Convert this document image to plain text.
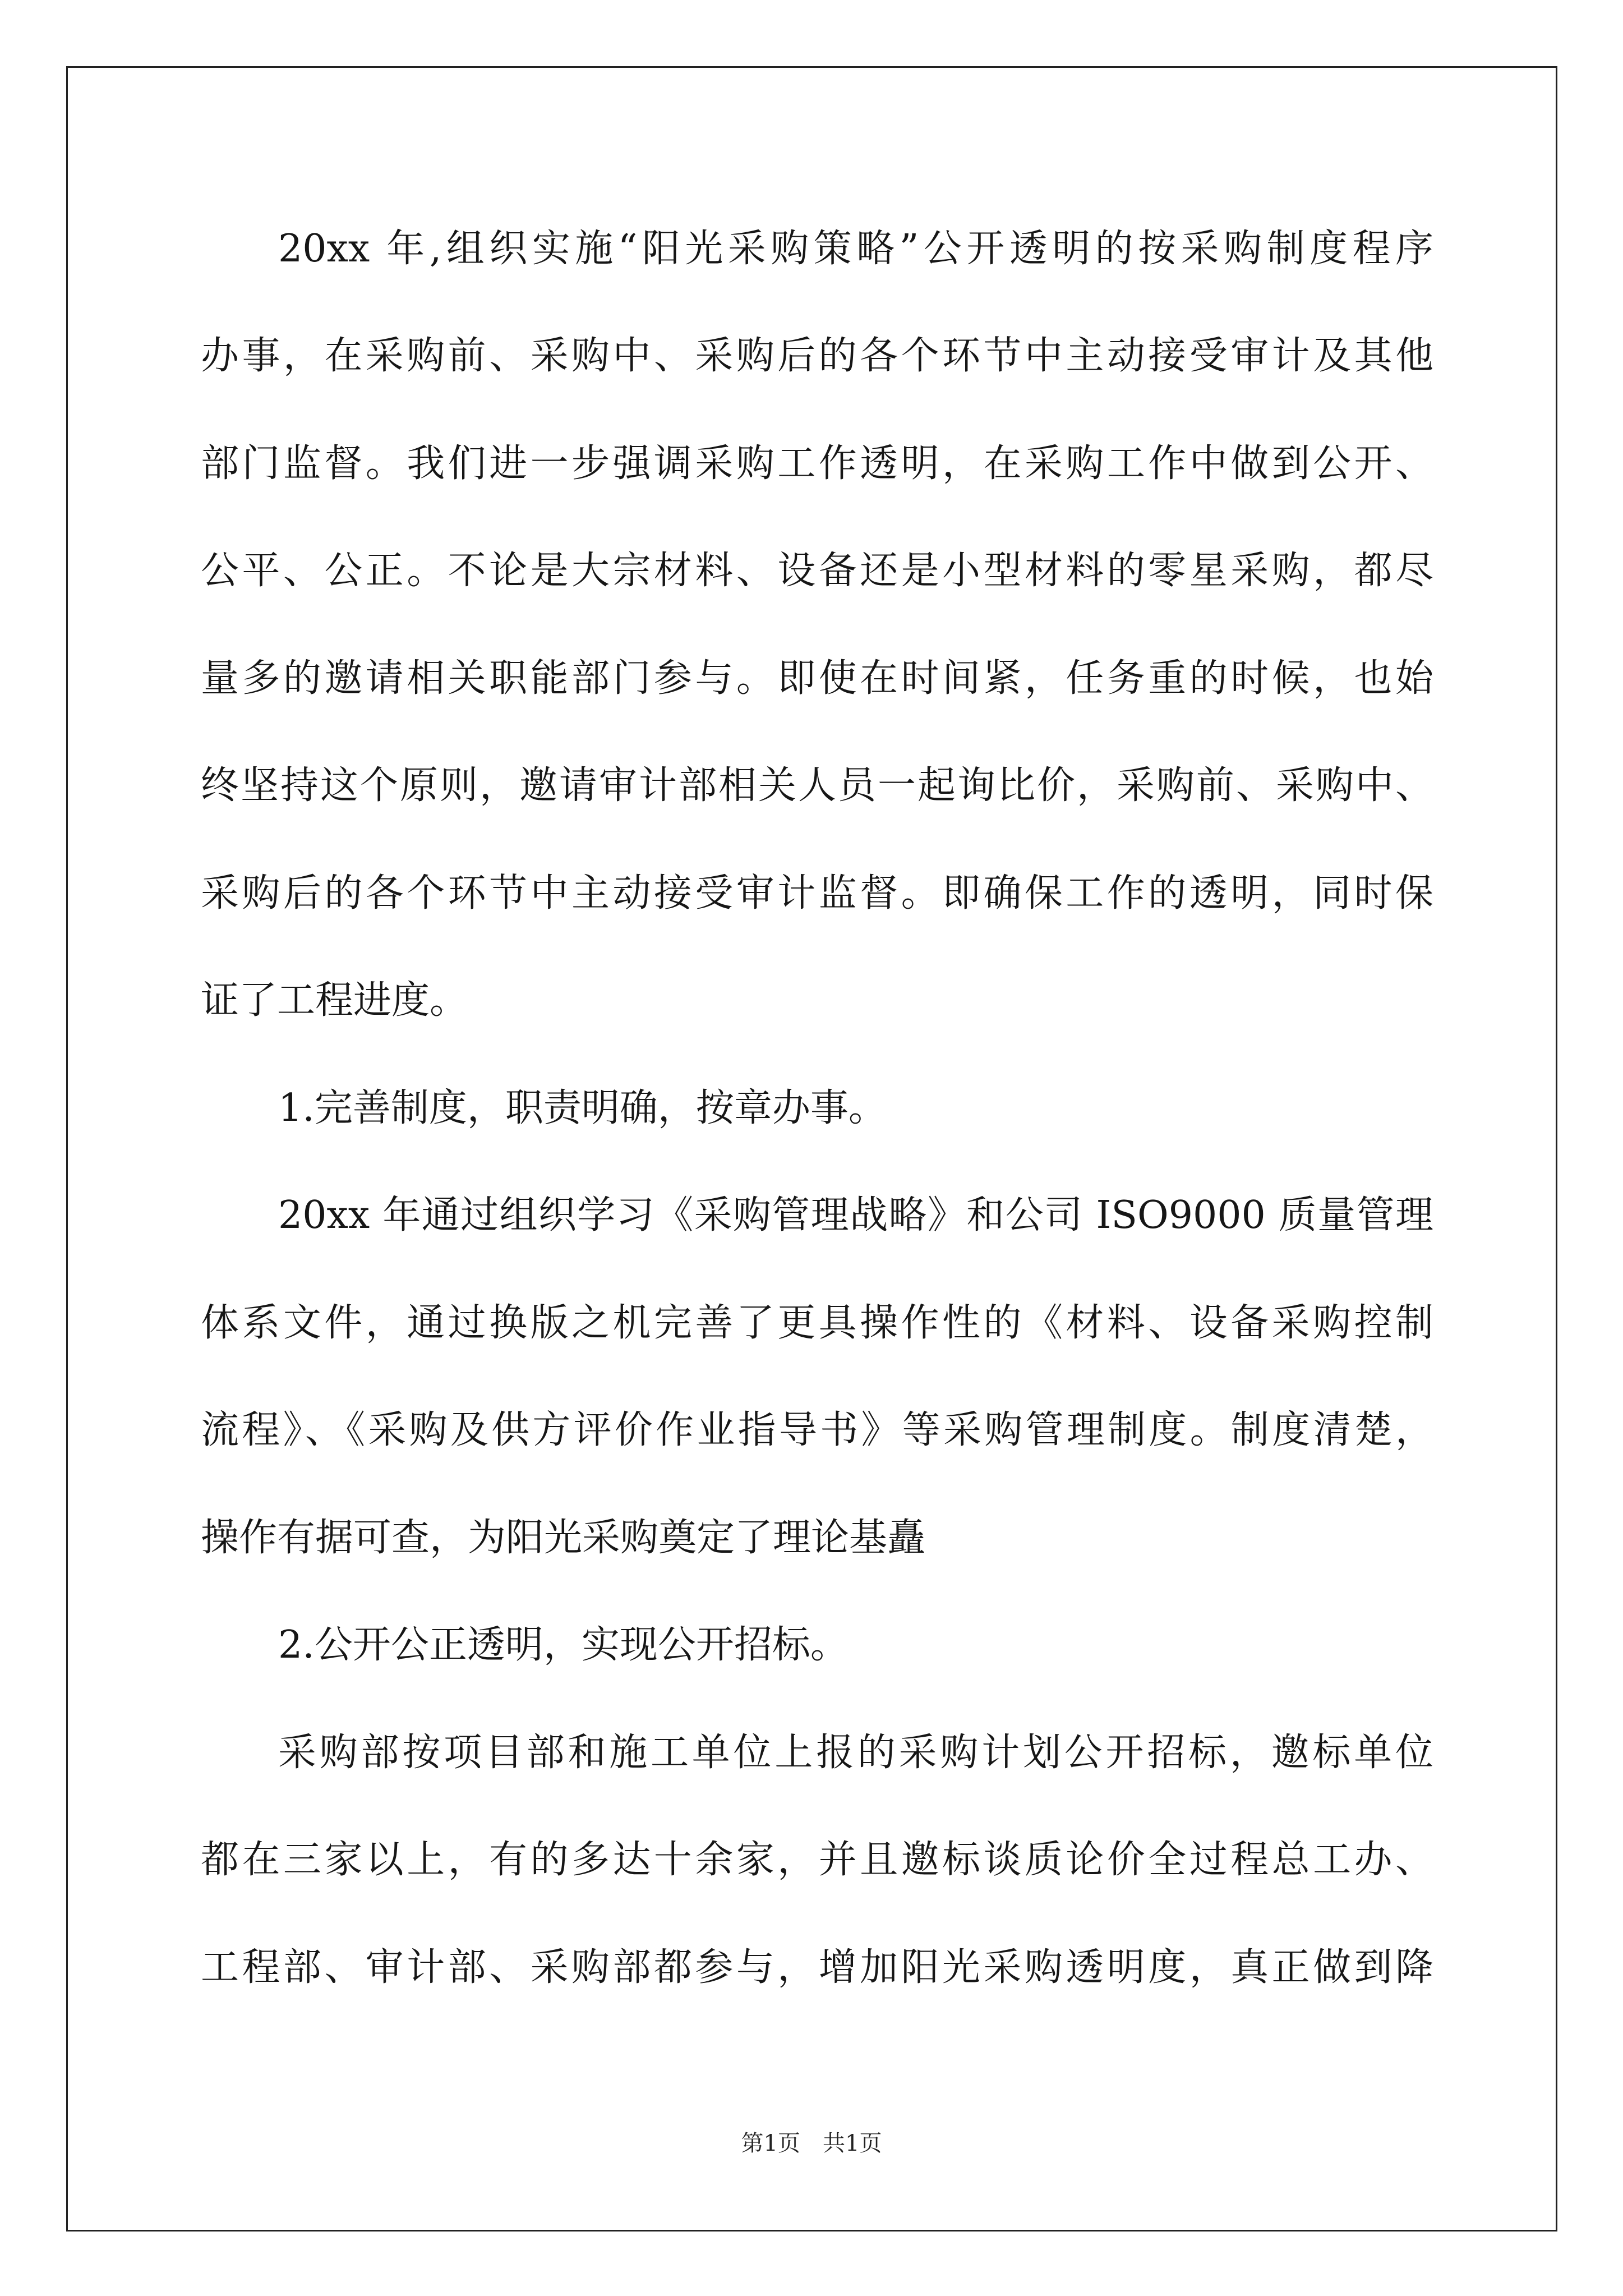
20xx 年,组织实施“阳光采购策略”公开透明的按采购制度程序
办事，在采购前、采购中、采购后的各个环节中主动接受审计及其他
部门监督。我们进一步强调采购工作透明，在采购工作中做到公开、
公平、公正。不论是大宗材料、设备还是小型材料的零星采购，都尽
量多的邀请相关职能部门参与。即使在时间紧，任务重的时候，也始
终坚持这个原则，邀请审计部相关人员一起询比价，采购前、采购中、
采购后的各个环节中主动接受审计监督。即确保工作的透明，同时保
证了工程进度。
1.完善制度，职责明确，按章办事。
20xx 年通过组织学习《采购管理战略》和公司 ISO9000 质量管理
体系文件，通过换版之机完善了更具操作性的《材料、设备采购控制
流程》、《采购及供方评价作业指导书》等采购管理制度。制度清楚，
操作有据可查，为阳光采购奠定了理论基矗
2.公开公正透明，实现公开招标。
采购部按项目部和施工单位上报的采购计划公开招标，邀标单位
都在三家以上，有的多达十余家，并且邀标谈质论价全过程总工办、
工程部、审计部、采购部都参与，增加阳光采购透明度，真正做到降
第1页　共1页
